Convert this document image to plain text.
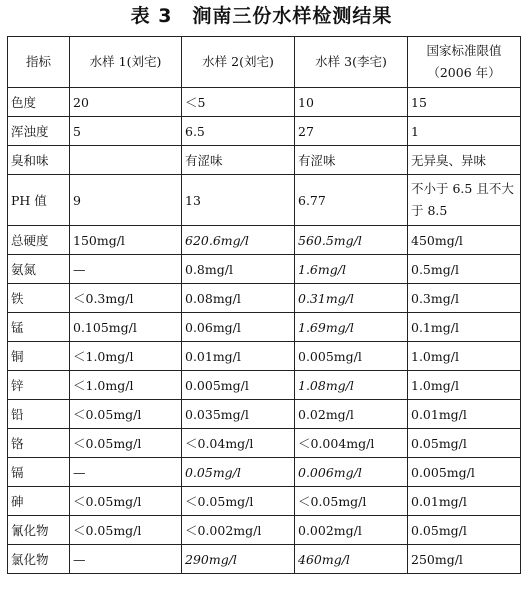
表 3　涧南三份水样检测结果
指标	水样 1(刘宅)	水样 2(刘宅)	水样 3(李宅)	国家标准限值（2006 年）
色度	20	＜5	10	15
浑浊度	5	6.5	27	1
臭和味		有涩味	有涩味	无异臭、异味
PH 值	9	13	6.77	不小于 6.5 且不大于 8.5
总硬度	150mg/l	620.6mg/l	560.5mg/l	450mg/l
氨氮	—	0.8mg/l	1.6mg/l	0.5mg/l
铁	＜0.3mg/l	0.08mg/l	0.31mg/l	0.3mg/l
锰	0.105mg/l	0.06mg/l	1.69mg/l	0.1mg/l
铜	＜1.0mg/l	0.01mg/l	0.005mg/l	1.0mg/l
锌	＜1.0mg/l	0.005mg/l	1.08mg/l	1.0mg/l
铅	＜0.05mg/l	0.035mg/l	0.02mg/l	0.01mg/l
铬	＜0.05mg/l	＜0.04mg/l	＜0.004mg/l	0.05mg/l
镉	—	0.05mg/l	0.006mg/l	0.005mg/l
砷	＜0.05mg/l	＜0.05mg/l	＜0.05mg/l	0.01mg/l
氰化物	＜0.05mg/l	＜0.002mg/l	0.002mg/l	0.05mg/l
氯化物	—	290mg/l	460mg/l	250mg/l
